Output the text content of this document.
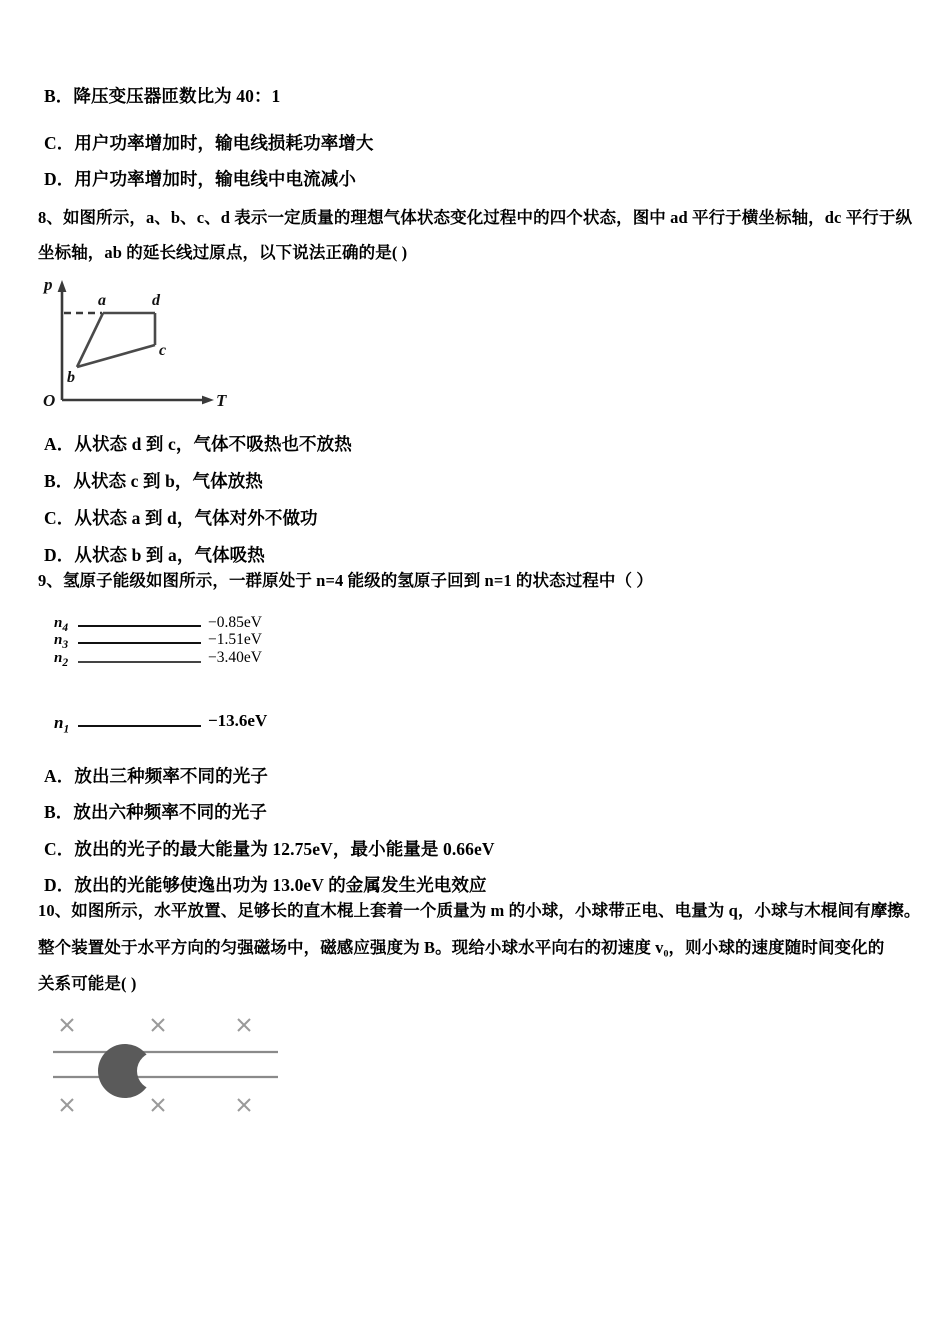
B．降压变压器匝数比为 40：1
C．用户功率增加时，输电线损耗功率增大
D．用户功率增加时，输电线中电流减小
8、如图所示，a、b、c、d 表示一定质量的理想气体状态变化过程中的四个状态，图中 ad 平行于横坐标轴，dc 平行于纵
坐标轴，ab 的延长线过原点，以下说法正确的是( )
p
T
O
a
b
c
d
A．从状态 d 到 c，气体不吸热也不放热
B．从状态 c 到 b，气体放热
C．从状态 a 到 d，气体对外不做功
D．从状态 b 到 a，气体吸热
9、氢原子能级如图所示，一群原处于 n=4 能级的氢原子回到 n=1 的状态过程中（ ）
$n_4$	−0.85eV
$n_3$	−1.51eV
$n_2$	−3.40eV
$n_1$	−13.6eV
A．放出三种频率不同的光子
B．放出六种频率不同的光子
C．放出的光子的最大能量为 12.75eV，最小能量是 0.66eV
D．放出的光能够使逸出功为 13.0eV 的金属发生光电效应
10、如图所示，水平放置、足够长的直木棍上套着一个质量为 m 的小球，小球带正电、电量为 q，小球与木棍间有摩擦。
整个装置处于水平方向的匀强磁场中，磁感应强度为 B。现给小球水平向右的初速度 v₀，则小球的速度随时间变化的
关系可能是( )
